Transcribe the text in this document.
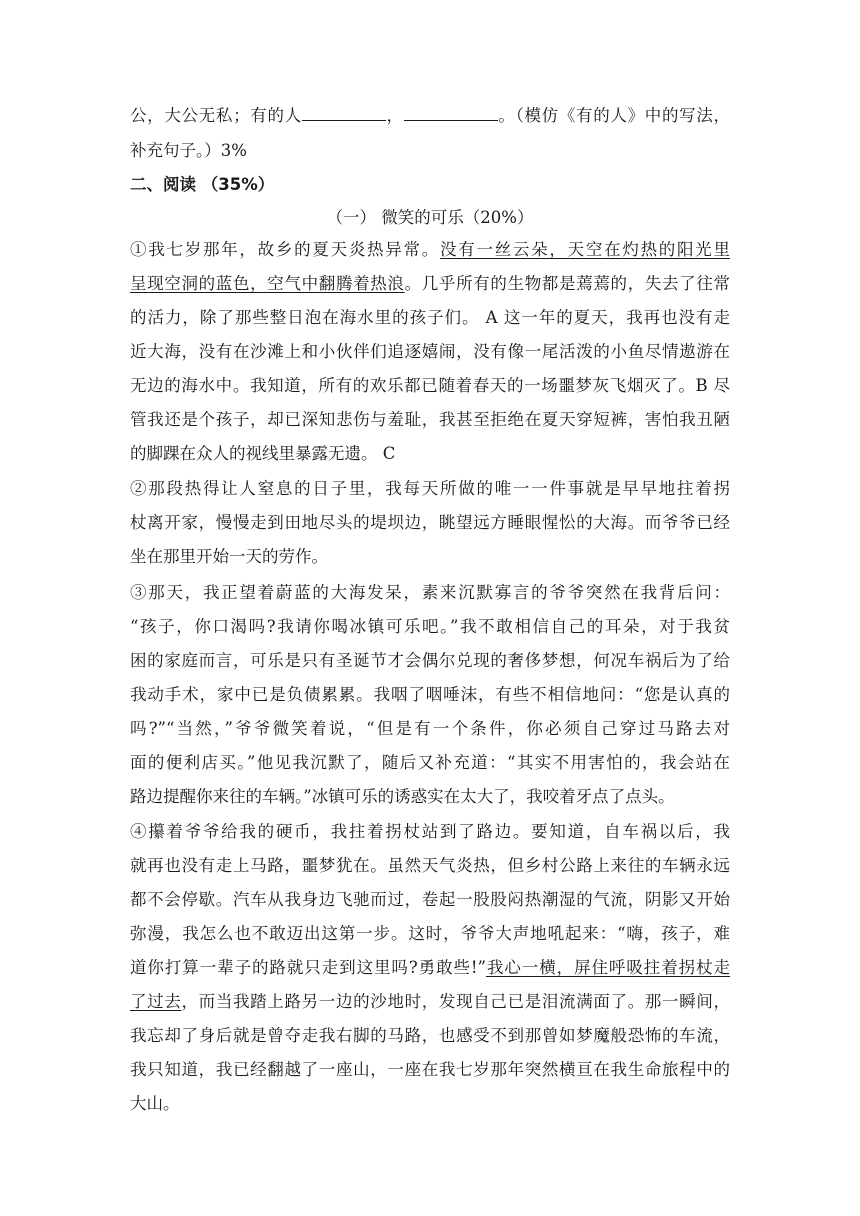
公，大公无私；有的人	，	。（模仿《有的人》中的写法，
补充句子。）3%
二、阅读 （35%）
（一） 微笑的可乐（20%）
①我七岁那年，故乡的夏天炎热异常。没有一丝云朵，天空在灼热的阳光里
呈现空洞的蓝色，空气中翻腾着热浪。几乎所有的生物都是蔫蔫的，失去了往常
的活力，除了那些整日泡在海水里的孩子们。 A 这一年的夏天，我再也没有走
近大海，没有在沙滩上和小伙伴们追逐嬉闹，没有像一尾活泼的小鱼尽情遨游在
无边的海水中。我知道，所有的欢乐都已随着春天的一场噩梦灰飞烟灭了。B 尽
管我还是个孩子，却已深知悲伤与羞耻，我甚至拒绝在夏天穿短裤，害怕我丑陋
的脚踝在众人的视线里暴露无遗。 C
②那段热得让人窒息的日子里，我每天所做的唯一一件事就是早早地拄着拐
杖离开家，慢慢走到田地尽头的堤坝边，眺望远方睡眼惺忪的大海。而爷爷已经
坐在那里开始一天的劳作。
③那天，我正望着蔚蓝的大海发呆，素来沉默寡言的爷爷突然在我背后问：
“孩子，你口渴吗?我请你喝冰镇可乐吧。”我不敢相信自己的耳朵，对于我贫
困的家庭而言，可乐是只有圣诞节才会偶尔兑现的奢侈梦想，何况车祸后为了给
我动手术，家中已是负债累累。我咽了咽唾沫，有些不相信地问：“您是认真的
吗?”“当然，”爷爷微笑着说，“但是有一个条件，你必须自己穿过马路去对
面的便利店买。”他见我沉默了，随后又补充道：“其实不用害怕的，我会站在
路边提醒你来往的车辆。”冰镇可乐的诱惑实在太大了，我咬着牙点了点头。
④攥着爷爷给我的硬币，我拄着拐杖站到了路边。要知道，自车祸以后，我
就再也没有走上马路，噩梦犹在。虽然天气炎热，但乡村公路上来往的车辆永远
都不会停歇。汽车从我身边飞驰而过，卷起一股股闷热潮湿的气流，阴影又开始
弥漫，我怎么也不敢迈出这第一步。这时，爷爷大声地吼起来：“嗨，孩子，难
道你打算一辈子的路就只走到这里吗?勇敢些!”我心一横，屏住呼吸拄着拐杖走
了过去，而当我踏上路另一边的沙地时，发现自己已是泪流满面了。那一瞬间，
我忘却了身后就是曾夺走我右脚的马路，也感受不到那曾如梦魔般恐怖的车流，
我只知道，我已经翻越了一座山，一座在我七岁那年突然横亘在我生命旅程中的
大山。
